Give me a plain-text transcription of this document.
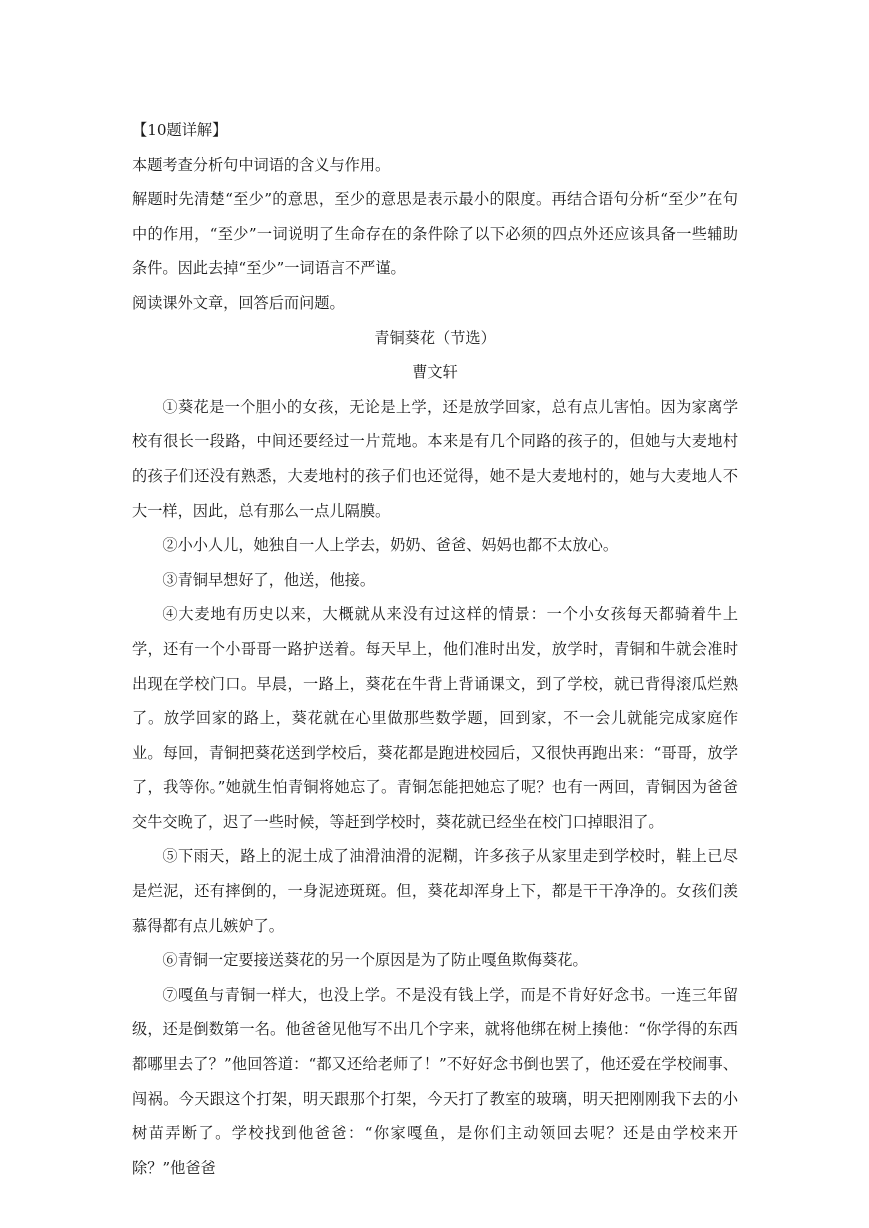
【10题详解】

本题考查分析句中词语的含义与作用。

解题时先清楚“至少”的意思，至少的意思是表示最小的限度。再结合语句分析“至少”在句中的作用，“至少”一词说明了生命存在的条件除了以下必须的四点外还应该具备一些辅助条件。因此去掉“至少”一词语言不严谨。

阅读课外文章，回答后而问题。

青铜葵花（节选）

曹文轩

①葵花是一个胆小的女孩，无论是上学，还是放学回家，总有点儿害怕。因为家离学校有很长一段路，中间还要经过一片荒地。本来是有几个同路的孩子的，但她与大麦地村的孩子们还没有熟悉，大麦地村的孩子们也还觉得，她不是大麦地村的，她与大麦地人不大一样，因此，总有那么一点儿隔膜。

②小小人儿，她独自一人上学去，奶奶、爸爸、妈妈也都不太放心。

③青铜早想好了，他送，他接。

④大麦地有历史以来，大概就从来没有过这样的情景：一个小女孩每天都骑着牛上学，还有一个小哥哥一路护送着。每天早上，他们准时出发，放学时，青铜和牛就会准时出现在学校门口。早晨，一路上，葵花在牛背上背诵课文，到了学校，就已背得滚瓜烂熟了。放学回家的路上，葵花就在心里做那些数学题，回到家，不一会儿就能完成家庭作业。每回，青铜把葵花送到学校后，葵花都是跑进校园后，又很快再跑出来：“哥哥，放学了，我等你。”她就生怕青铜将她忘了。青铜怎能把她忘了呢？也有一两回，青铜因为爸爸交牛交晚了，迟了一些时候，等赶到学校时，葵花就已经坐在校门口掉眼泪了。

⑤下雨天，路上的泥土成了油滑油滑的泥糊，许多孩子从家里走到学校时，鞋上已尽是烂泥，还有摔倒的，一身泥迹斑斑。但，葵花却浑身上下，都是干干净净的。女孩们羡慕得都有点儿嫉妒了。

⑥青铜一定要接送葵花的另一个原因是为了防止嘎鱼欺侮葵花。

⑦嘎鱼与青铜一样大，也没上学。不是没有钱上学，而是不肯好好念书。一连三年留级，还是倒数第一名。他爸爸见他写不出几个字来，就将他绑在树上揍他：“你学得的东西都哪里去了？”他回答道：“都又还给老师了！”不好好念书倒也罢了，他还爱在学校闹事、闯祸。今天跟这个打架，明天跟那个打架，今天打了教室的玻璃，明天把刚刚我下去的小树苗弄断了。学校找到他爸爸：“你家嘎鱼，是你们主动领回去呢？还是由学校来开除？”他爸爸
